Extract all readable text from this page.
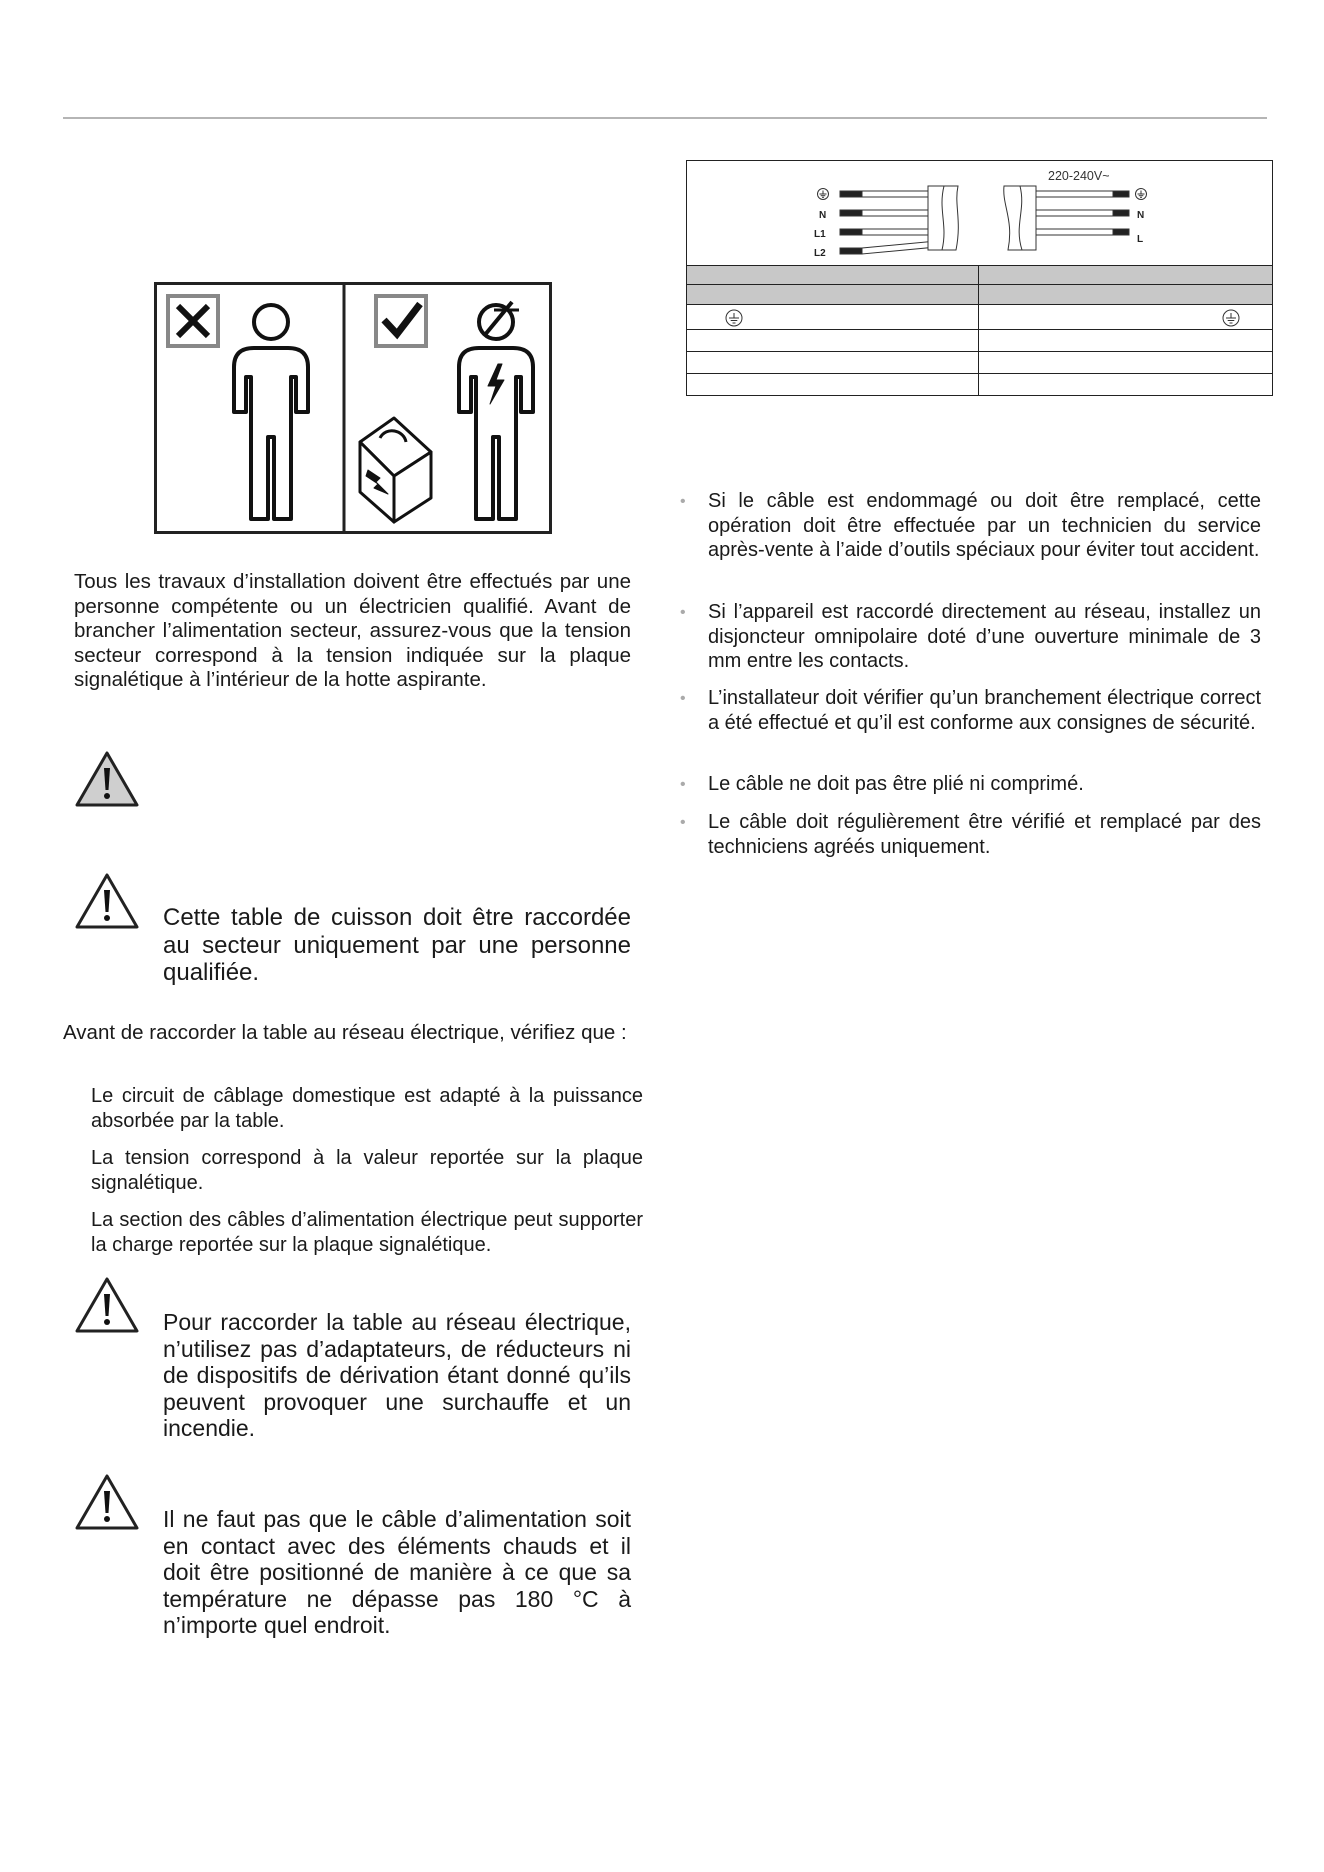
N
L1
L2
220-240V~
N
L
Tous les travaux d’installation doivent être effectués par une personne compétente ou un électricien qualifié. Avant de brancher l’alimentation secteur, assurez-vous que la tension secteur correspond à la tension indiquée sur la plaque signalétique à l’intérieur de la hotte aspirante.
Cette table de cuisson doit être raccordée au secteur uniquement par une personne qualifiée.
Avant de raccorder la table au réseau électrique, vérifiez que :
Le circuit de câblage domestique est adapté à la puissance absorbée par la table.
La tension correspond à la valeur reportée sur la plaque signalétique.
La section des câbles d’alimentation électrique peut supporter la charge reportée sur la plaque signalétique.
Pour raccorder la table au réseau électrique, n’utilisez pas d’adaptateurs, de réducteurs ni de dispositifs de dérivation étant donné qu’ils peuvent provoquer une surchauffe et un incendie.
Il ne faut pas que le câble d’alimentation soit en contact avec des éléments chauds et il doit être positionné de manière à ce que sa température ne dépasse pas 180 °C à n’importe quel endroit.
• Si le câble est endommagé ou doit être remplacé, cette opération doit être effectuée par un technicien du service après-vente à l’aide d’outils spéciaux pour éviter tout accident.
• Si l’appareil est raccordé directement au réseau, installez un disjoncteur omnipolaire doté d’une ouverture minimale de 3 mm entre les contacts.
• L’installateur doit vérifier qu’un branchement électrique correct a été effectué et qu’il est conforme aux consignes de sécurité.
• Le câble ne doit pas être plié ni comprimé.
• Le câble doit régulièrement être vérifié et remplacé par des techniciens agréés uniquement.
